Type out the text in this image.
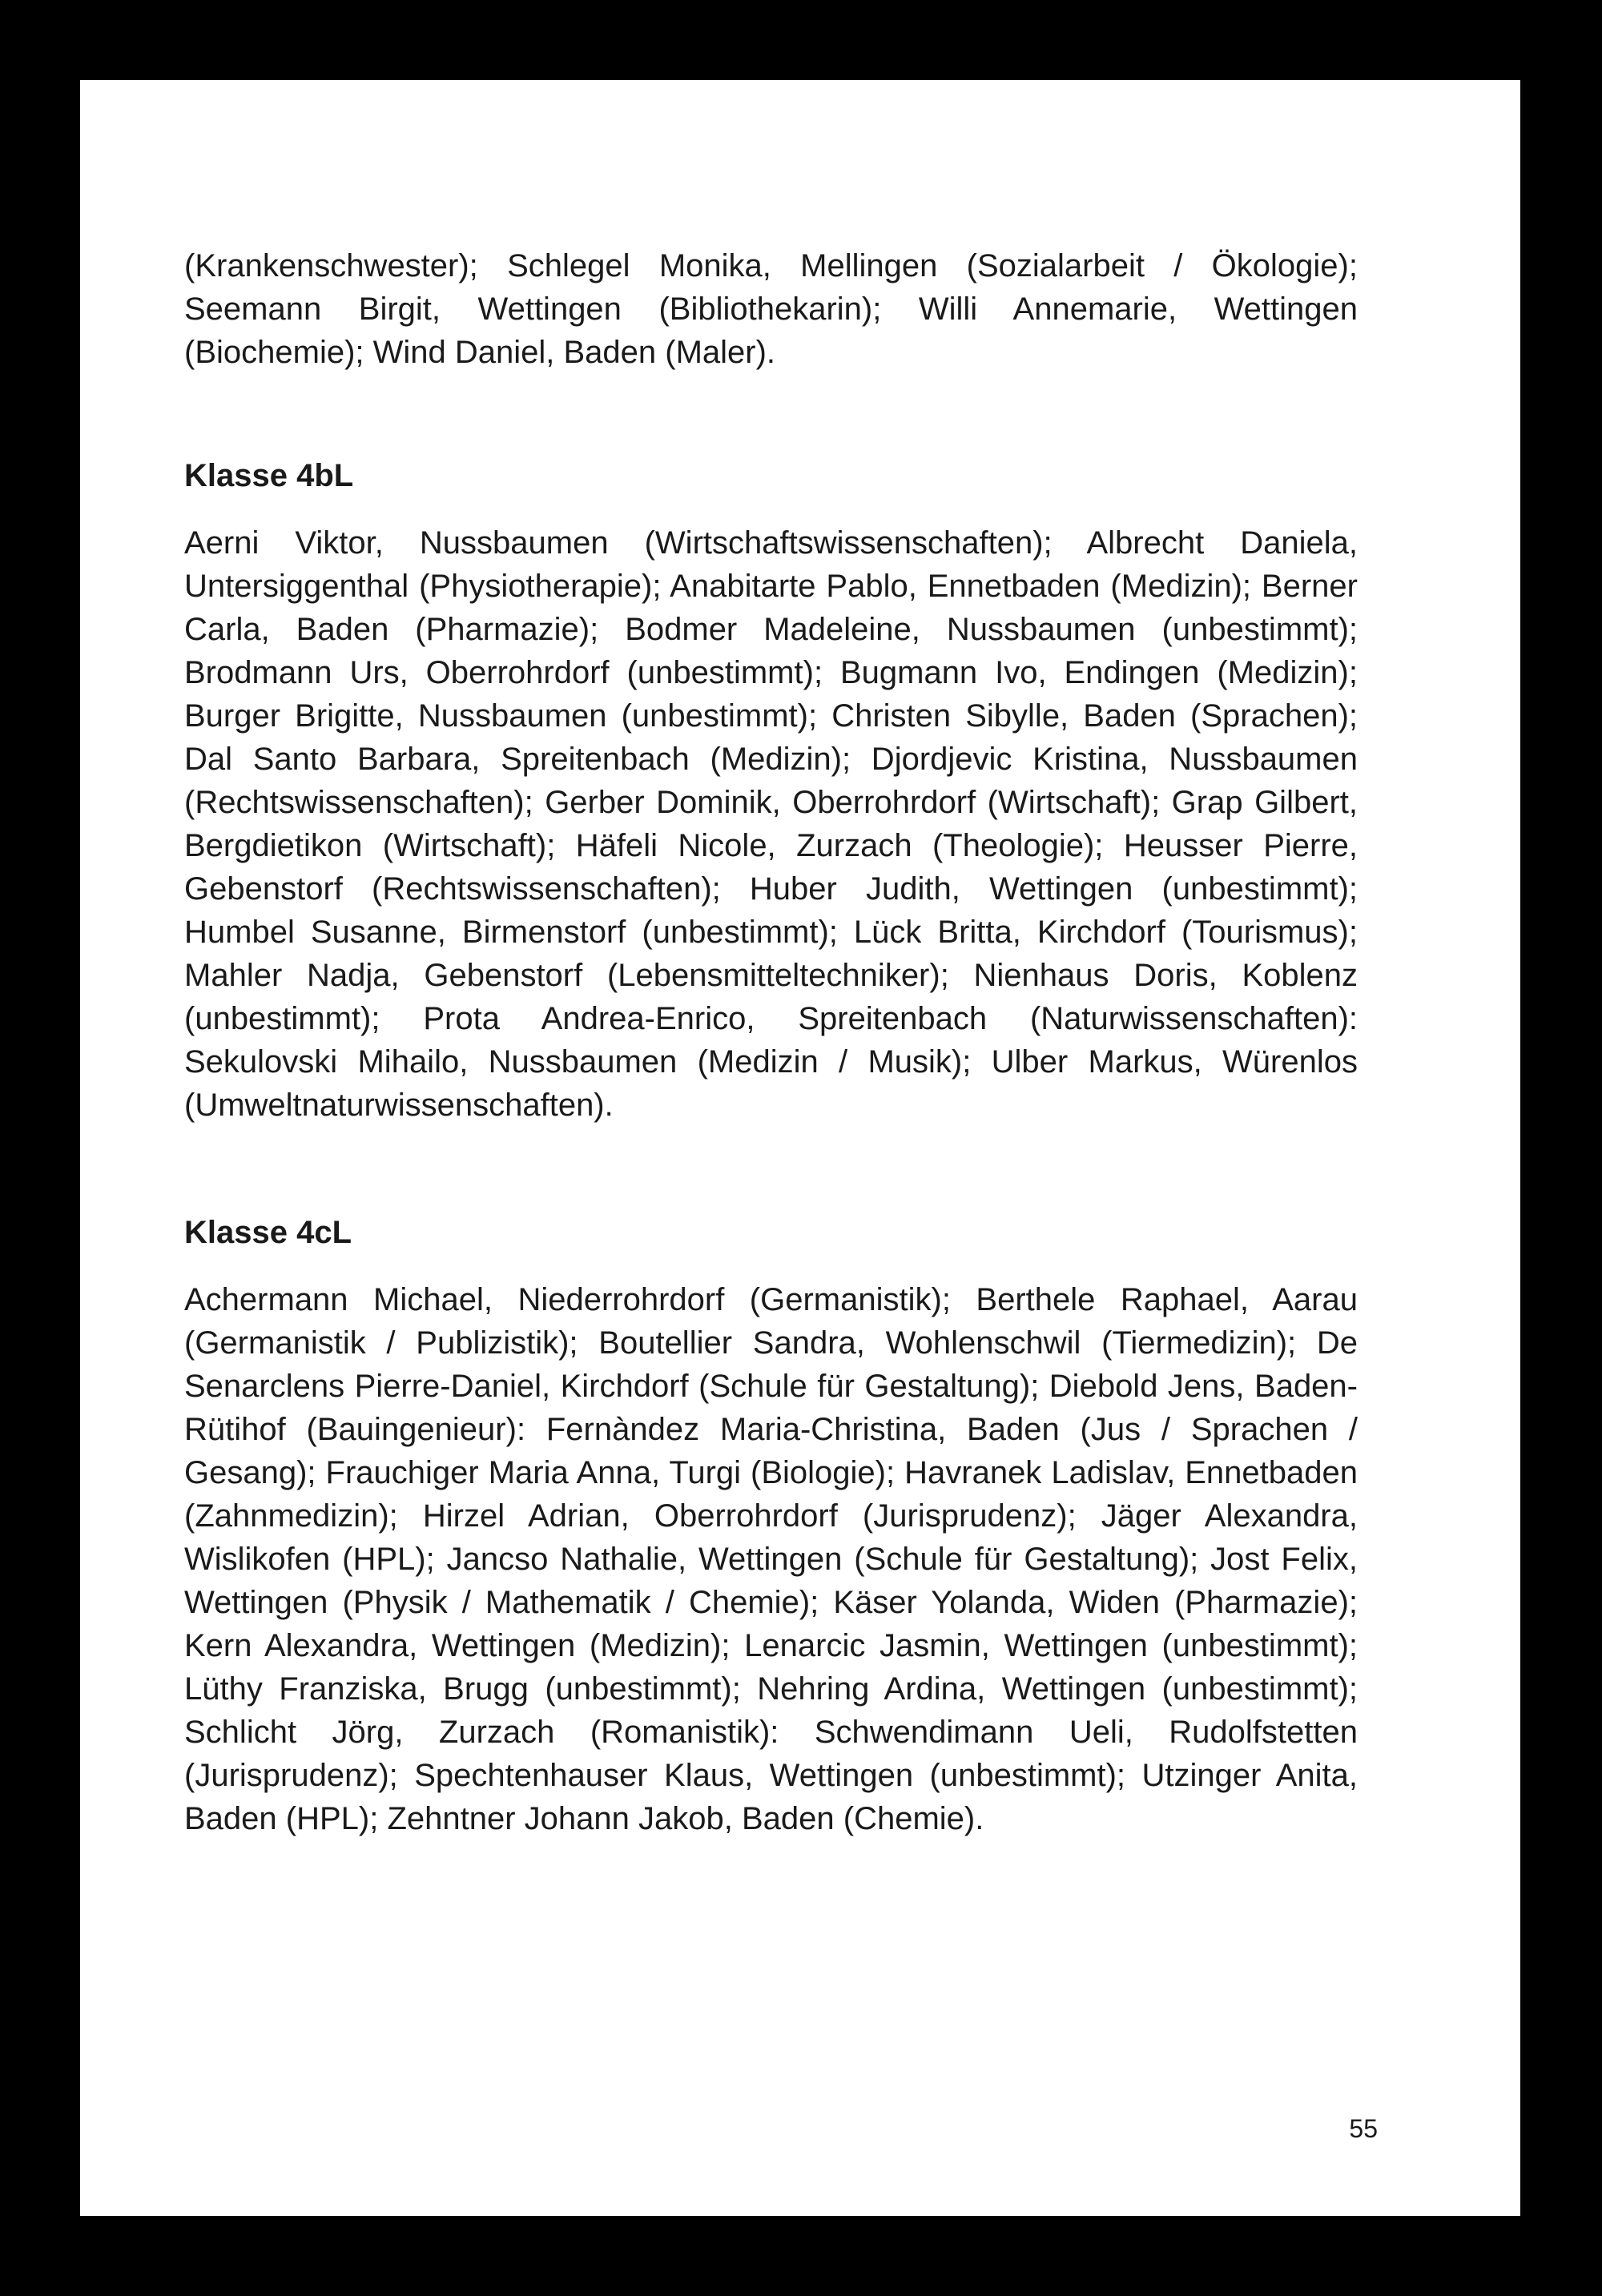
(Krankenschwester); Schlegel Monika, Mellingen (Sozialarbeit / Ökologie); Seemann Birgit, Wettingen (Bibliothekarin); Willi Annemarie, Wettingen (Biochemie); Wind Daniel, Baden (Maler).

Klasse 4bL

Aerni Viktor, Nussbaumen (Wirtschaftswissenschaften); Albrecht Daniela, Untersiggenthal (Physiotherapie); Anabitarte Pablo, Ennetbaden (Medizin); Berner Carla, Baden (Pharmazie); Bodmer Madeleine, Nussbaumen (unbestimmt); Brodmann Urs, Oberrohrdorf (unbestimmt); Bugmann Ivo, Endingen (Medizin); Burger Brigitte, Nussbaumen (unbestimmt); Christen Sibylle, Baden (Sprachen); Dal Santo Barbara, Spreitenbach (Medizin); Djordjevic Kristina, Nussbaumen (Rechtswissenschaften); Gerber Dominik, Oberrohrdorf (Wirtschaft); Grap Gilbert, Bergdietikon (Wirtschaft); Häfeli Nicole, Zurzach (Theologie); Heusser Pierre, Gebenstorf (Rechtswissenschaften); Huber Judith, Wettingen (unbestimmt); Humbel Susanne, Birmenstorf (unbestimmt); Lück Britta, Kirchdorf (Tourismus); Mahler Nadja, Gebenstorf (Lebensmitteltechniker); Nienhaus Doris, Koblenz (unbestimmt); Prota Andrea-Enrico, Spreitenbach (Naturwissenschaften): Sekulovski Mihailo, Nussbaumen (Medizin / Musik); Ulber Markus, Würenlos (Umweltnaturwissenschaften).

Klasse 4cL

Achermann Michael, Niederrohrdorf (Germanistik); Berthele Raphael, Aarau (Germanistik / Publizistik); Boutellier Sandra, Wohlenschwil (Tiermedizin); De Senarclens Pierre-Daniel, Kirchdorf (Schule für Gestaltung); Diebold Jens, Baden-Rütihof (Bauingenieur): Fernàndez Maria-Christina, Baden (Jus / Sprachen / Gesang); Frauchiger Maria Anna, Turgi (Biologie); Havranek Ladislav, Ennetbaden (Zahnmedizin); Hirzel Adrian, Oberrohrdorf (Jurisprudenz); Jäger Alexandra, Wislikofen (HPL); Jancso Nathalie, Wettingen (Schule für Gestaltung); Jost Felix, Wettingen (Physik / Mathematik / Chemie); Käser Yolanda, Widen (Pharmazie); Kern Alexandra, Wettingen (Medizin); Lenarcic Jasmin, Wettingen (unbestimmt); Lüthy Franziska, Brugg (unbestimmt); Nehring Ardina, Wettingen (unbestimmt); Schlicht Jörg, Zurzach (Romanistik): Schwendimann Ueli, Rudolfstetten (Jurisprudenz); Spechtenhauser Klaus, Wettingen (unbestimmt); Utzinger Anita, Baden (HPL); Zehntner Johann Jakob, Baden (Chemie).

55
